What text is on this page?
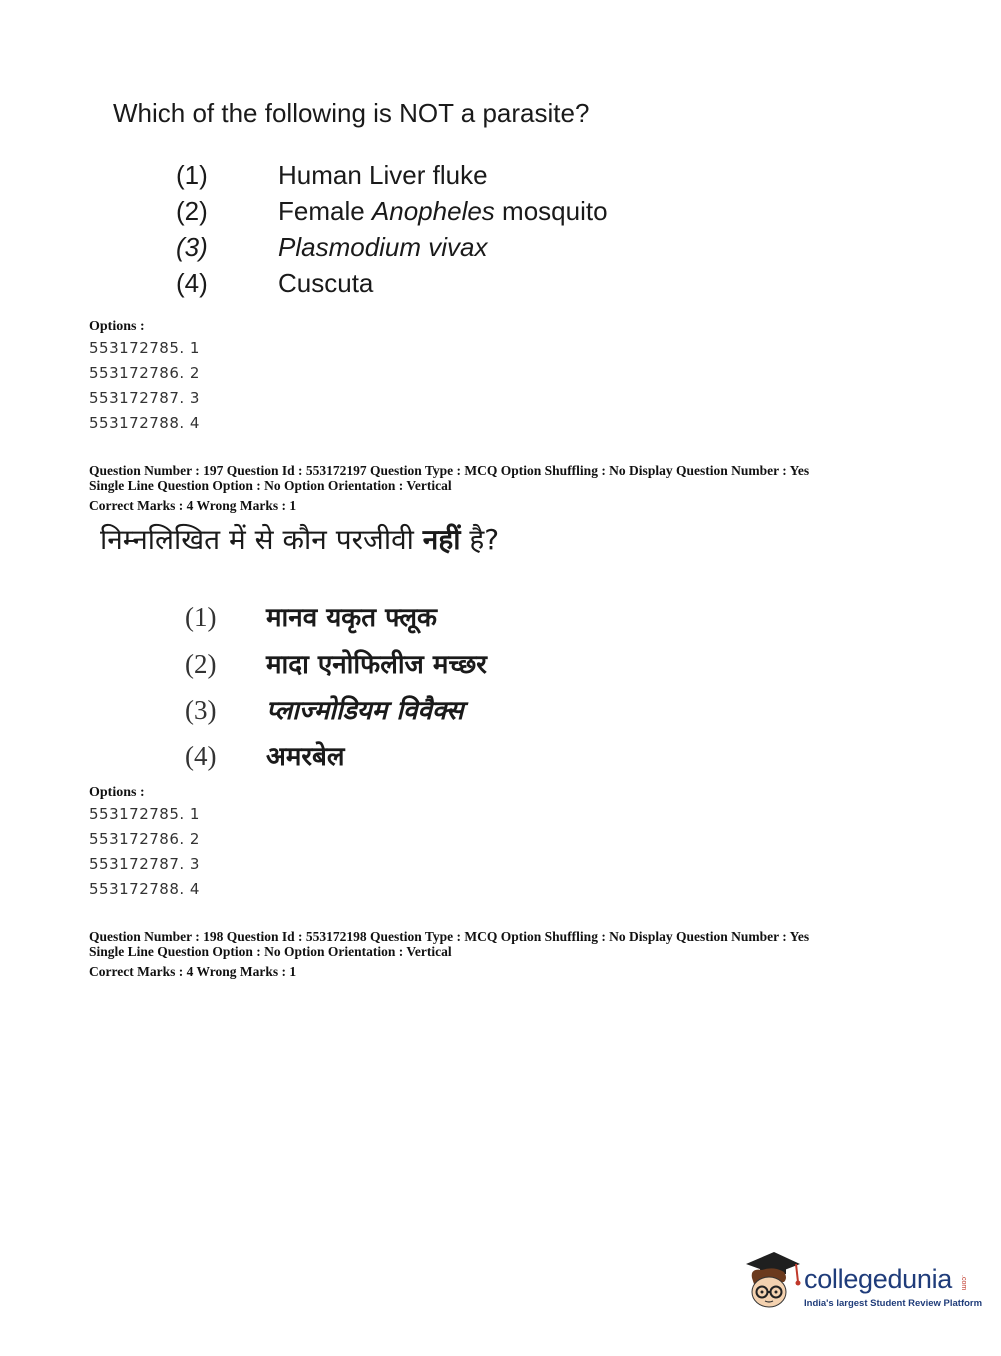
Which of the following is NOT a parasite?
(1)	Human Liver fluke
(2)	Female Anopheles mosquito
(3)	Plasmodium vivax
(4)	Cuscuta
Options :
553172785. 1
553172786. 2
553172787. 3
553172788. 4
Question Number : 197 Question Id : 553172197 Question Type : MCQ Option Shuffling : No Display Question Number : Yes
Single Line Question Option : No Option Orientation : Vertical
Correct Marks : 4 Wrong Marks : 1
निम्नलिखित में से कौन परजीवी नहीं है?
(1) मानव यकृत फ्लूक
(2) मादा एनोफिलीज मच्छर
(3) प्लाज्मोडियम विवैक्स
(4) अमरबेल
Options :
553172785. 1
553172786. 2
553172787. 3
553172788. 4
Question Number : 198 Question Id : 553172198 Question Type : MCQ Option Shuffling : No Display Question Number : Yes
Single Line Question Option : No Option Orientation : Vertical
Correct Marks : 4 Wrong Marks : 1
collegedunia .com
India's largest Student Review Platform
